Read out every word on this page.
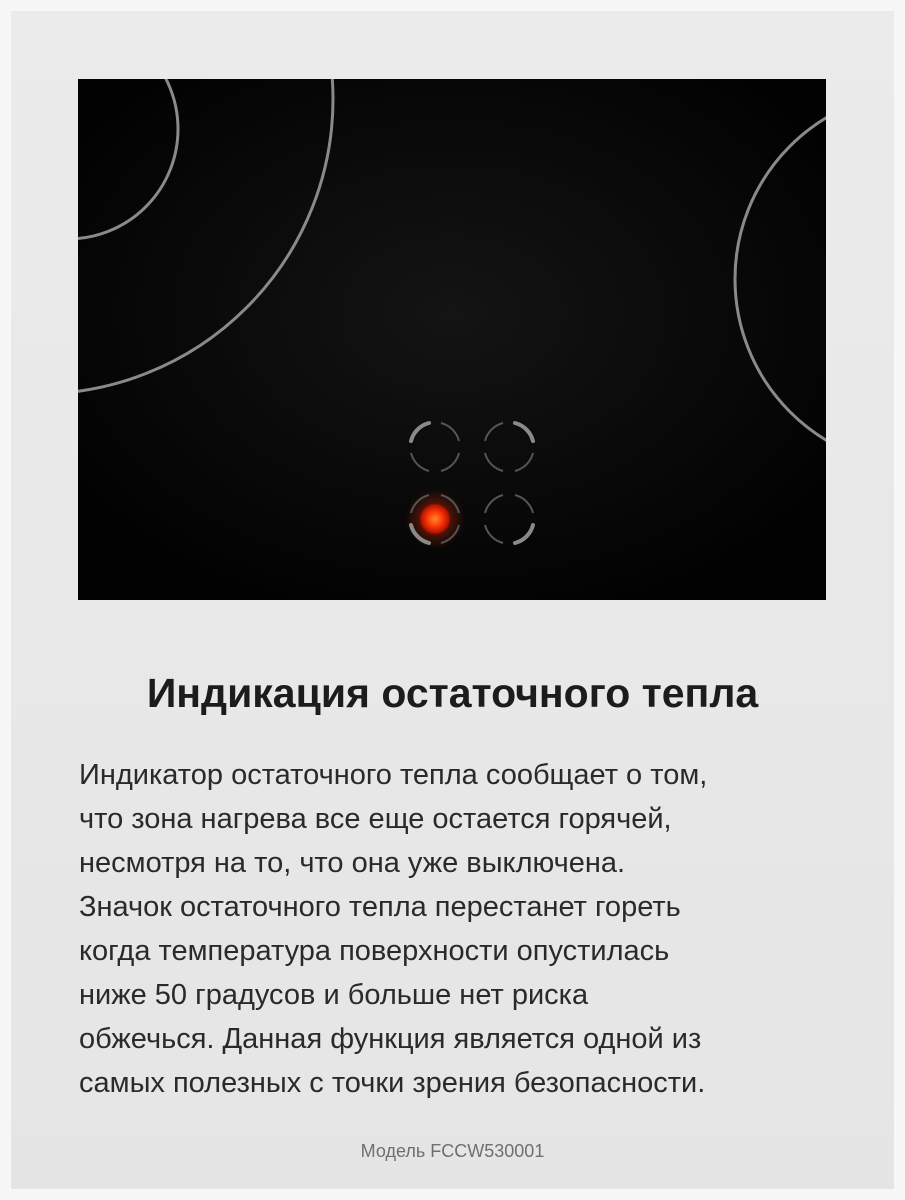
Индикация остаточного тепла

Индикатор остаточного тепла сообщает о том,
что зона нагрева все еще остается горячей,
несмотря на то, что она уже выключена.
Значок остаточного тепла перестанет гореть
когда температура поверхности опустилась
ниже 50 градусов и больше нет риска
обжечься. Данная функция является одной из
самых полезных с точки зрения безопасности.

Модель FCCW530001
